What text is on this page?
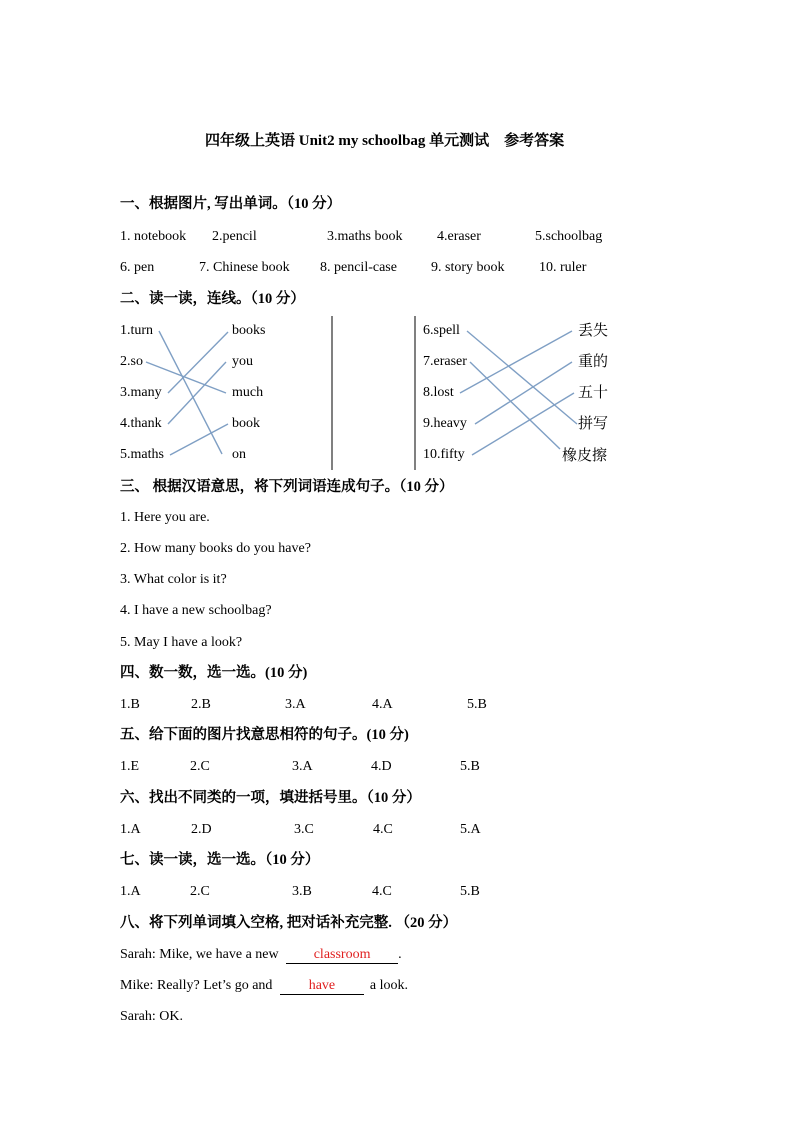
四年级上英语 Unit2 my schoolbag 单元测试　参考答案
一、根据图片, 写出单词。（10 分）
1. notebook 2.pencil	3.maths book 4.eraser	5.schoolbag
6. pen	7. Chinese book 8. pencil-case 9. story book 10. ruler
二、读一读，连线。（10 分）
1.turn
2.so
3.many
4.thank
5.maths
books
you
much
book
on
6.spell
7.eraser
8.lost
9.heavy
10.fifty
丢失
重的
五十
拼写
橡皮擦
三、 根据汉语意思，将下列词语连成句子。（10 分）
1. Here you are.
2. How many books do you have?
3. What color is it?
4. I have a new schoolbag?
5. May I have a look?
四、数一数，选一选。(10 分)
1.B	2.B	3.A	4.A	5.B
五、给下面的图片找意思相符的句子。(10 分)
1.E	2.C	3.A	4.D	5.B
六、找出不同类的一项，填进括号里。（10 分）
1.A	2.D	3.C	4.C	5.A
七、读一读，选一选。（10 分）
1.A	2.C	3.B	4.C	5.B
八、将下列单词填入空格, 把对话补充完整. （20 分）
Sarah: Mike, we have a new	classroom .
Mike: Really? Let’s go and	have a look.
Sarah: OK.
